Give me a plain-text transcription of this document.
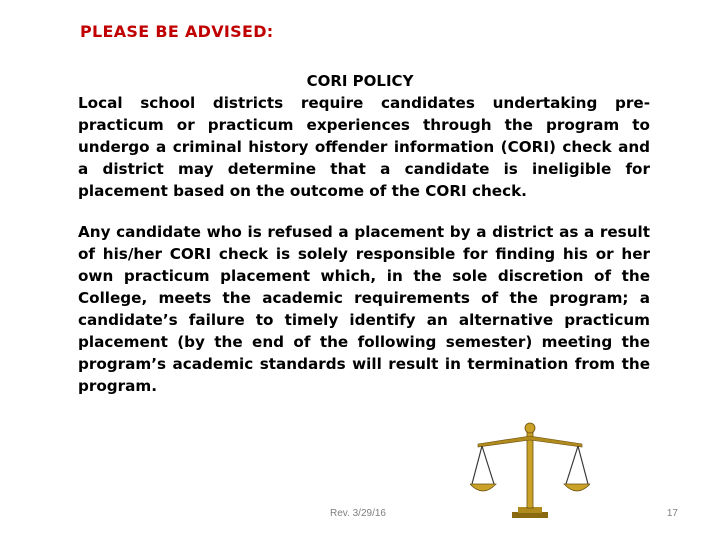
PLEASE BE ADVISED:
CORI POLICY
Local school districts require candidates undertaking pre-practicum or practicum experiences through the program to undergo a criminal history offender information (CORI) check and a district may determine that a candidate is ineligible for placement based on the outcome of the CORI check.
Any candidate who is refused a placement by a district as a result of his/her CORI check is solely responsible for finding his or her own practicum placement which, in the sole discretion of the College, meets the academic requirements of the program; a candidate’s failure to timely identify an alternative practicum placement (by the end of the following semester) meeting the program’s academic standards will result in termination from the program.
Rev. 3/29/16	17
